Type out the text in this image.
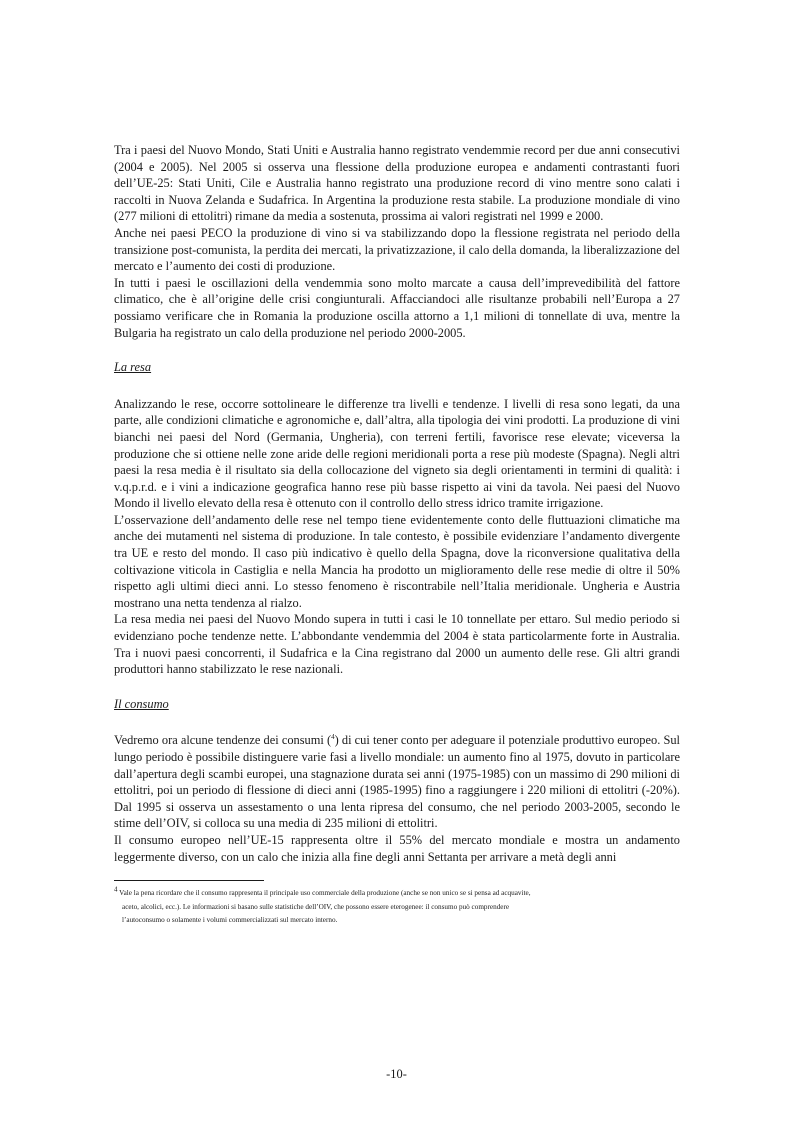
Tra i paesi del Nuovo Mondo, Stati Uniti e Australia hanno registrato vendemmie record per due anni consecutivi (2004 e 2005). Nel 2005 si osserva una flessione della produzione europea e andamenti contrastanti fuori dell’UE-25: Stati Uniti, Cile e Australia hanno registrato una produzione record di vino mentre sono calati i raccolti in Nuova Zelanda e Sudafrica. In Argentina la produzione resta stabile. La produzione mondiale di vino (277 milioni di ettolitri) rimane da media a sostenuta, prossima ai valori registrati nel 1999 e 2000.

Anche nei paesi PECO la produzione di vino si va stabilizzando dopo la flessione registrata nel periodo della transizione post-comunista, la perdita dei mercati, la privatizzazione, il calo della domanda, la liberalizzazione del mercato e l’aumento dei costi di produzione.

In tutti i paesi le oscillazioni della vendemmia sono molto marcate a causa dell’imprevedibilità del fattore climatico, che è all’origine delle crisi congiunturali. Affacciandoci alle risultanze probabili nell’Europa a 27 possiamo verificare che in Romania la produzione oscilla attorno a 1,1 milioni di tonnellate di uva, mentre la Bulgaria ha registrato un calo della produzione nel periodo 2000-2005.

La resa

Analizzando le rese, occorre sottolineare le differenze tra livelli e tendenze. I livelli di resa sono legati, da una parte, alle condizioni climatiche e agronomiche e, dall’altra, alla tipologia dei vini prodotti. La produzione di vini bianchi nei paesi del Nord (Germania, Ungheria), con terreni fertili, favorisce rese elevate; viceversa la produzione che si ottiene nelle zone aride delle regioni meridionali porta a rese più modeste (Spagna). Negli altri paesi la resa media è il risultato sia della collocazione del vigneto sia degli orientamenti in termini di qualità: i v.q.p.r.d. e i vini a indicazione geografica hanno rese più basse rispetto ai vini da tavola. Nei paesi del Nuovo Mondo il livello elevato della resa è ottenuto con il controllo dello stress idrico tramite irrigazione.

L’osservazione dell’andamento delle rese nel tempo tiene evidentemente conto delle fluttuazioni climatiche ma anche dei mutamenti nel sistema di produzione. In tale contesto, è possibile evidenziare l’andamento divergente tra UE e resto del mondo. Il caso più indicativo è quello della Spagna, dove la riconversione qualitativa della coltivazione viticola in Castiglia e nella Mancia ha prodotto un miglioramento delle rese medie di oltre il 50% rispetto agli ultimi dieci anni. Lo stesso fenomeno è riscontrabile nell’Italia meridionale. Ungheria e Austria mostrano una netta tendenza al rialzo.

La resa media nei paesi del Nuovo Mondo supera in tutti i casi le 10 tonnellate per ettaro. Sul medio periodo si evidenziano poche tendenze nette. L’abbondante vendemmia del 2004 è stata particolarmente forte in Australia. Tra i nuovi paesi concorrenti, il Sudafrica e la Cina registrano dal 2000 un aumento delle rese. Gli altri grandi produttori hanno stabilizzato le rese nazionali.

Il consumo

Vedremo ora alcune tendenze dei consumi ($^4$) di cui tener conto per adeguare il potenziale produttivo europeo. Sul lungo periodo è possibile distinguere varie fasi a livello mondiale: un aumento fino al 1975, dovuto in particolare dall’apertura degli scambi europei, una stagnazione durata sei anni (1975-1985) con un massimo di 290 milioni di ettolitri, poi un periodo di flessione di dieci anni (1985-1995) fino a raggiungere i 220 milioni di ettolitri (-20%). Dal 1995 si osserva un assestamento o una lenta ripresa del consumo, che nel periodo 2003-2005, secondo le stime dell’OIV, si colloca su una media di 235 milioni di ettolitri.

Il consumo europeo nell’UE-15 rappresenta oltre il 55% del mercato mondiale e mostra un andamento leggermente diverso, con un calo che inizia alla fine degli anni Settanta per arrivare a metà degli anni

$^4$ Vale la pena ricordare che il consumo rappresenta il principale uso commerciale della produzione (anche se non unico se si pensa ad acquavite,
aceto, alcolici, ecc.). Le informazioni si basano sulle statistiche dell’OIV, che possono essere eterogenee: il consumo può comprendere
l’autoconsumo o solamente i volumi commercializzati sul mercato interno.
-10-
